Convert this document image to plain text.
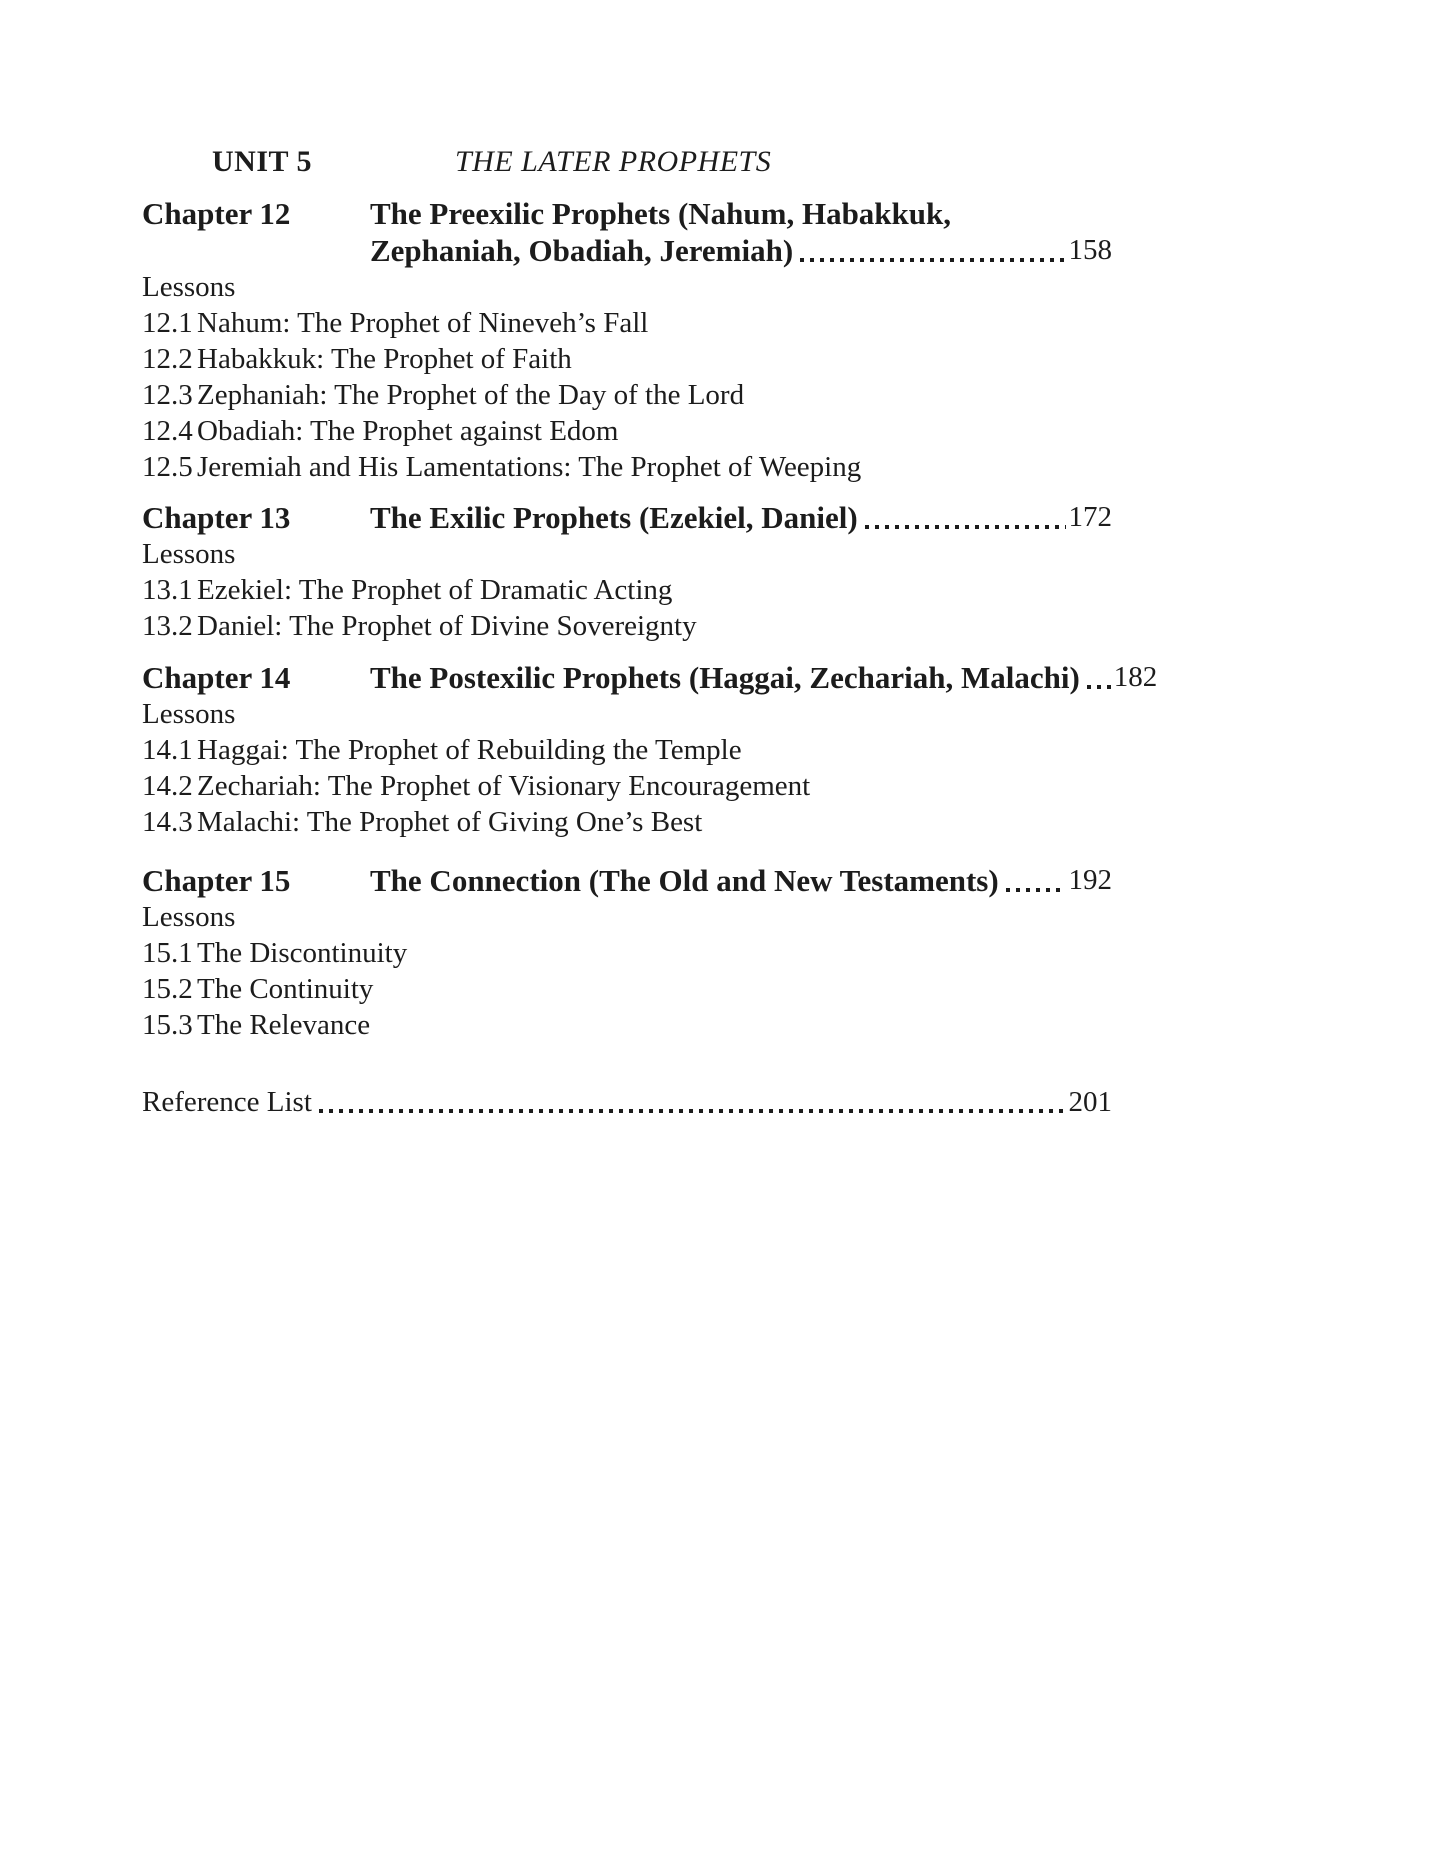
UNIT 5	THE LATER PROPHETS
Chapter 12	The Preexilic Prophets (Nahum, Habakkuk,
Zephaniah, Obadiah, Jeremiah)	158
Lessons
12.1 Nahum: The Prophet of Nineveh’s Fall
12.2 Habakkuk: The Prophet of Faith
12.3 Zephaniah: The Prophet of the Day of the Lord
12.4 Obadiah: The Prophet against Edom
12.5 Jeremiah and His Lamentations: The Prophet of Weeping
Chapter 13	The Exilic Prophets (Ezekiel, Daniel)	172
Lessons
13.1 Ezekiel: The Prophet of Dramatic Acting
13.2 Daniel: The Prophet of Divine Sovereignty
Chapter 14	The Postexilic Prophets (Haggai, Zechariah, Malachi) 182
Lessons
14.1 Haggai: The Prophet of Rebuilding the Temple
14.2 Zechariah: The Prophet of Visionary Encouragement
14.3 Malachi: The Prophet of Giving One’s Best
Chapter 15	The Connection (The Old and New Testaments) 192
Lessons
15.1 The Discontinuity
15.2 The Continuity
15.3 The Relevance
Reference List	201
